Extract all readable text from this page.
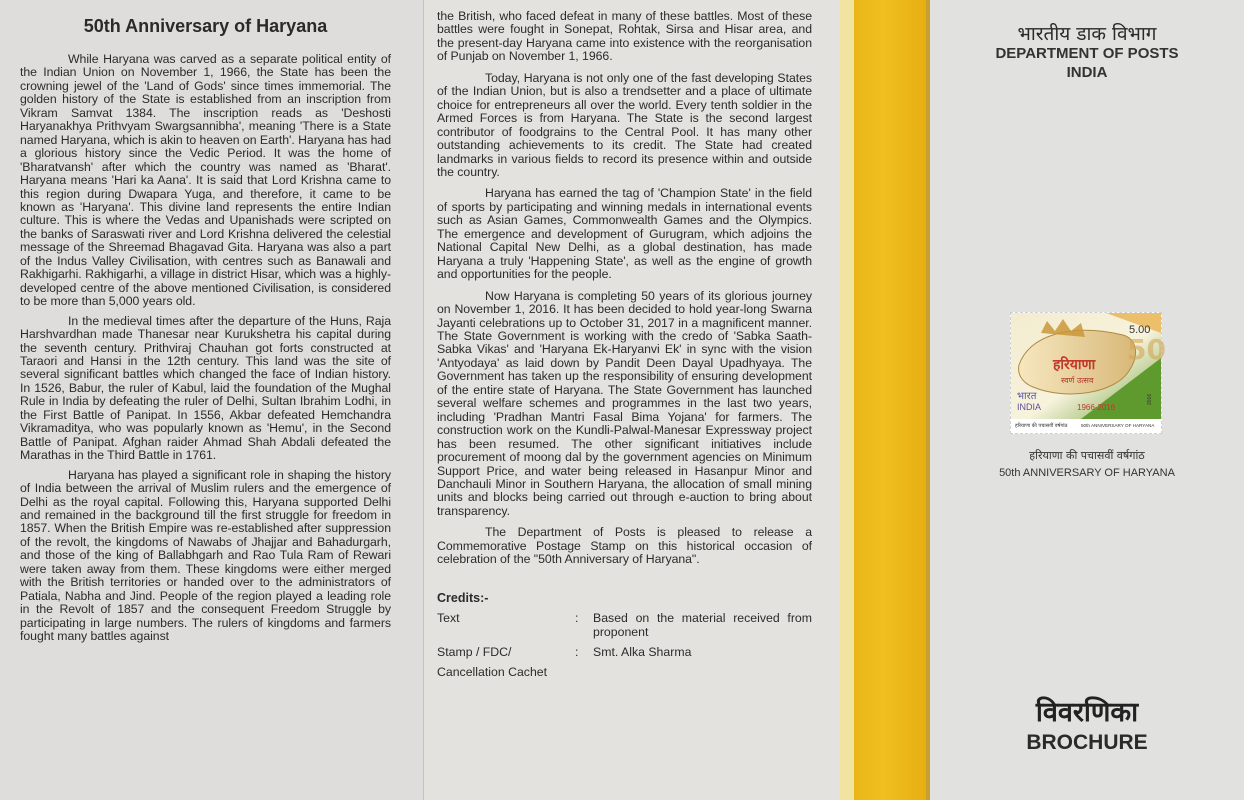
50th Anniversary of Haryana

While Haryana was carved as a separate political entity of the Indian Union on November 1, 1966, the State has been the crowning jewel of the 'Land of Gods' since times immemorial. The golden history of the State is established from an inscription from Vikram Samvat 1384. The inscription reads as 'Deshosti Haryanakhya Prithvyam Swargsannibha', meaning 'There is a State named Haryana, which is akin to heaven on Earth'. Haryana has had a glorious history since the Vedic Period. It was the home of 'Bharatvansh' after which the country was named as 'Bharat'. Haryana means 'Hari ka Aana'. It is said that Lord Krishna came to this region during Dwapara Yuga, and therefore, it came to be known as 'Haryana'. This divine land represents the entire Indian culture. This is where the Vedas and Upanishads were scripted on the banks of Saraswati river and Lord Krishna delivered the celestial message of the Shreemad Bhagavad Gita. Haryana was also a part of the Indus Valley Civilisation, with centres such as Banawali and Rakhigarhi. Rakhigarhi, a village in district Hisar, which was a highly-developed centre of the above mentioned Civilisation, is considered to be more than 5,000 years old.

In the medieval times after the departure of the Huns, Raja Harshvardhan made Thanesar near Kurukshetra his capital during the seventh century. Prithviraj Chauhan got forts constructed at Taraori and Hansi in the 12th century. This land was the site of several significant battles which changed the face of Indian history. In 1526, Babur, the ruler of Kabul, laid the foundation of the Mughal Rule in India by defeating the ruler of Delhi, Sultan Ibrahim Lodhi, in the First Battle of Panipat. In 1556, Akbar defeated Hemchandra Vikramaditya, who was popularly known as 'Hemu', in the Second Battle of Panipat. Afghan raider Ahmad Shah Abdali defeated the Marathas in the Third Battle in 1761.

Haryana has played a significant role in shaping the history of India between the arrival of Muslim rulers and the emergence of Delhi as the royal capital. Following this, Haryana supported Delhi and remained in the background till the first struggle for freedom in 1857. When the British Empire was re-established after suppression of the revolt, the kingdoms of Nawabs of Jhajjar and Bahadurgarh, and those of the king of Ballabhgarh and Rao Tula Ram of Rewari were taken away from them. These kingdoms were either merged with the British territories or handed over to the administrators of Patiala, Nabha and Jind. People of the region played a leading role in the Revolt of 1857 and the consequent Freedom Struggle by participating in large numbers. The rulers of kingdoms and farmers fought many battles against

the British, who faced defeat in many of these battles. Most of these battles were fought in Sonepat, Rohtak, Sirsa and Hisar area, and the present-day Haryana came into existence with the reorganisation of Punjab on November 1, 1966.

Today, Haryana is not only one of the fast developing States of the Indian Union, but is also a trendsetter and a place of ultimate choice for entrepreneurs all over the world. Every tenth soldier in the Armed Forces is from Haryana. The State is the second largest contributor of foodgrains to the Central Pool. It has many other outstanding achievements to its credit. The State had created landmarks in various fields to record its presence within and outside the country.

Haryana has earned the tag of 'Champion State' in the field of sports by participating and winning medals in international events such as Asian Games, Commonwealth Games and the Olympics. The emergence and development of Gurugram, which adjoins the National Capital New Delhi, as a global destination, has made Haryana a truly 'Happening State', as well as the engine of growth and opportunities for the people.

Now Haryana is completing 50 years of its glorious journey on November 1, 2016. It has been decided to hold year-long Swarna Jayanti celebrations up to October 31, 2017 in a magnificent manner. The State Government is working with the credo of 'Sabka Saath-Sabka Vikas' and 'Haryana Ek-Haryanvi Ek' in sync with the vision 'Antyodaya' as laid down by Pandit Deen Dayal Upadhyaya. The Government has taken up the responsibility of ensuring development of the entire state of Haryana. The State Government has launched several welfare schemes and programmes in the last two years, including 'Pradhan Mantri Fasal Bima Yojana' for farmers. The construction work on the Kundli-Palwal-Manesar Expressway project has been resumed. The other significant initiatives include procurement of moong dal by the government agencies on Minimum Support Price, and water being released in Hasanpur Minor and Danchauli Minor in Southern Haryana, the allocation of small mining units and blocks being carried out through e-auction to bring about transparency.

The Department of Posts is pleased to release a Commemorative Postage Stamp on this historical occasion of celebration of the "50th Anniversary of Haryana".

Credits:-
Text	:	Based on the material received from proponent
Stamp / FDC/	:	Smt. Alka Sharma
Cancellation Cachet
भारतीय डाक विभाग
DEPARTMENT OF POSTS
INDIA
हरियाणा
स्वर्ण उत्सव
50
5.00
भारत
INDIA	1966-2016
2016
हरियाणा की पचासवीं वर्षगांठ	50th ANNIVERSARY OF HARYANA
हरियाणा की पचासवीं वर्षगांठ
50th ANNIVERSARY OF HARYANA
विवरणिका
BROCHURE
